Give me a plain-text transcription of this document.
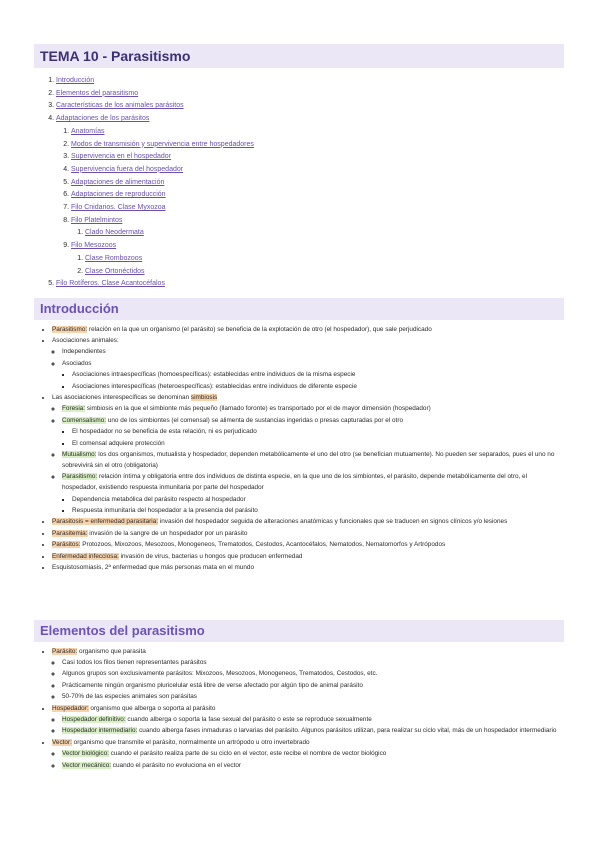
TEMA 10 - Parasitismo
1. Introducción
2. Elementos del parasitismo
3. Características de los animales parásitos
4. Adaptaciones de los parásitos
1. Anatomías
2. Modos de transmisión y supervivencia entre hospedadores
3. Supervivencia en el hospedador
4. Supervivencia fuera del hospedador
5. Adaptaciones de alimentación
6. Adaptaciones de reproducción
7. Filo Cnidarios. Clase Myxozoa
8. Filo Platelmintos
1. Clado Neodermata
9. Filo Mesozoos
1. Clase Rombozoos
2. Clase Ortonéctidos
5. Filo Rotíferos. Clase Acantocéfalos
Introducción
• Parasitismo: relación en la que un organismo (el parásito) se beneficia de la explotación de otro (el hospedador), que sale perjudicado
• Asociaciones animales:
◦ Independientes
◦ Asociados
▪ Asociaciones intraespecíficas (homoespecíficas): establecidas entre individuos de la misma especie
▪ Asociaciones interespecíficas (heteroespecíficas): establecidas entre individuos de diferente especie
• Las asociaciones interespecíficas se denominan simbiosis
◦ Foresia: simbiosis en la que el simbionte más pequeño (llamado foronte) es transportado por el de mayor dimensión (hospedador)
◦ Comensalismo: uno de los simbiontes (el comensal) se alimenta de sustancias ingeridas o presas capturadas por el otro
▪ El hospedador no se beneficia de esta relación, ni es perjudicado
▪ El comensal adquiere protección
◦ Mutualismo: los dos organismos, mutualista y hospedador, dependen metabólicamente el uno del otro (se benefician mutuamente). No pueden ser separados, pues el uno no sobrevivirá sin el otro (obligatoria)
◦ Parasitismo: relación íntima y obligatoria entre dos individuos de distinta especie, en la que uno de los simbiontes, el parásito, depende metabólicamente del otro, el hospedador, existiendo respuesta inmunitaria por parte del hospedador
▪ Dependencia metabólica del parásito respecto al hospedador
▪ Respuesta inmunitaria del hospedador a la presencia del parásito
• Parasitosis = enfermedad parasitaria: invasión del hospedador seguida de alteraciones anatómicas y funcionales que se traducen en signos clínicos y/o lesiones
• Parasitemia: invasión de la sangre de un hospedador por un parásito
• Parásitos: Protozoos, Mixozoos, Mesozoos, Monogeneos, Trematodos, Cestodos, Acantocéfalos, Nematodos, Nematomorfos y Artrópodos
• Enfermedad infecciosa: invasión de virus, bacterias u hongos que producen enfermedad
• Esquistosomiasis, 2ª enfermedad que más personas mata en el mundo
Elementos del parasitismo
• Parásito: organismo que parasita
◦ Casi todos los filos tienen representantes parásitos
◦ Algunos grupos son exclusivamente parásitos: Mixozoos, Mesozoos, Monogeneos, Trematodos, Cestodos, etc.
◦ Prácticamente ningún organismo pluricelular está libre de verse afectado por algún tipo de animal parásito
◦ 50-70% de las especies animales son parásitas
• Hospedador: organismo que alberga o soporta al parásito
◦ Hospedador definitivo: cuando alberga o soporta la fase sexual del parásito o este se reproduce sexualmente
◦ Hospedador intermediario: cuando alberga fases inmaduras o larvarias del parásito. Algunos parásitos utilizan, para realizar su ciclo vital, más de un hospedador intermediario
• Vector: organismo que transmite el parásito, normalmente un artrópodo u otro invertebrado
◦ Vector biológico: cuando el parásito realiza parte de su ciclo en el vector, este recibe el nombre de vector biológico
◦ Vector mecánico: cuando el parásito no evoluciona en el vector
